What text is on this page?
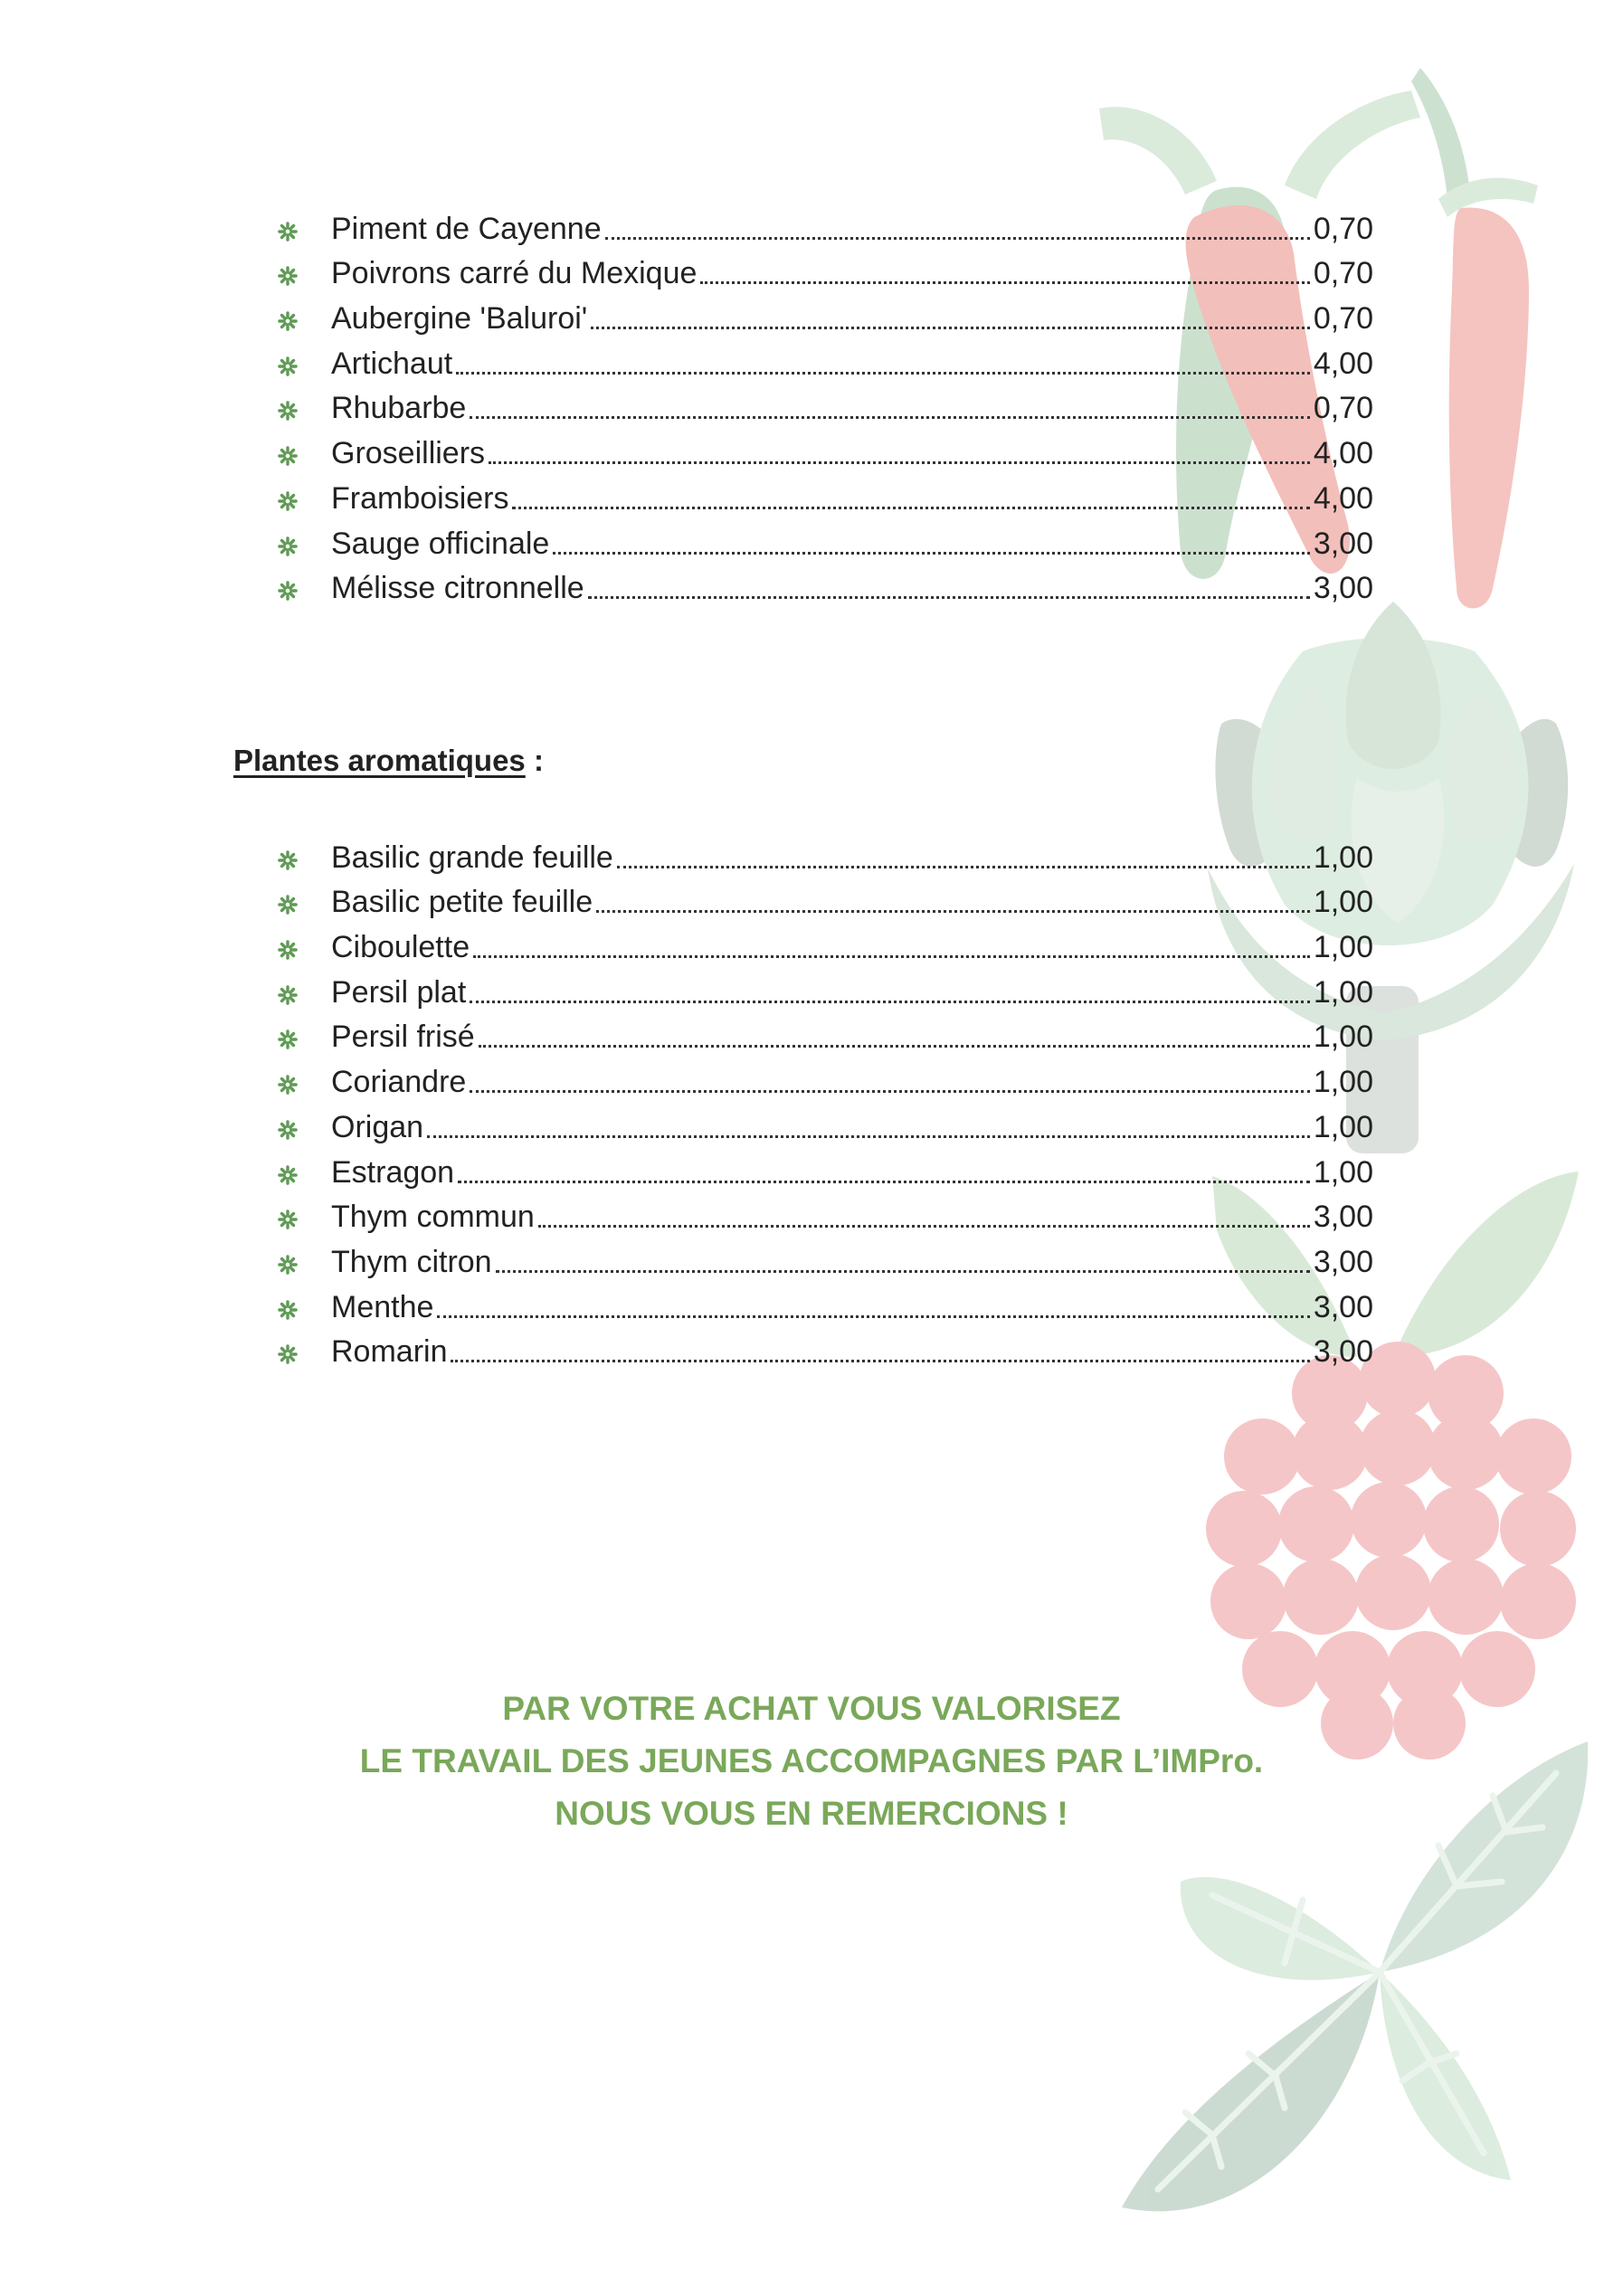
Piment de Cayenne	0,70
Poivrons carré du Mexique	0,70
Aubergine 'Baluroi'	0,70
Artichaut	4,00
Rhubarbe	0,70
Groseilliers	4,00
Framboisiers	4,00
Sauge officinale	3,00
Mélisse citronnelle	3,00
Plantes aromatiques :
Basilic grande feuille	1,00
Basilic petite feuille	1,00
Ciboulette	1,00
Persil plat	1,00
Persil frisé	1,00
Coriandre	1,00
Origan	1,00
Estragon	1,00
Thym commun	3,00
Thym citron	3,00
Menthe	3,00
Romarin	3,00
PAR VOTRE ACHAT VOUS VALORISEZ
LE TRAVAIL DES JEUNES ACCOMPAGNES PAR L’IMPro.
NOUS VOUS EN REMERCIONS !
